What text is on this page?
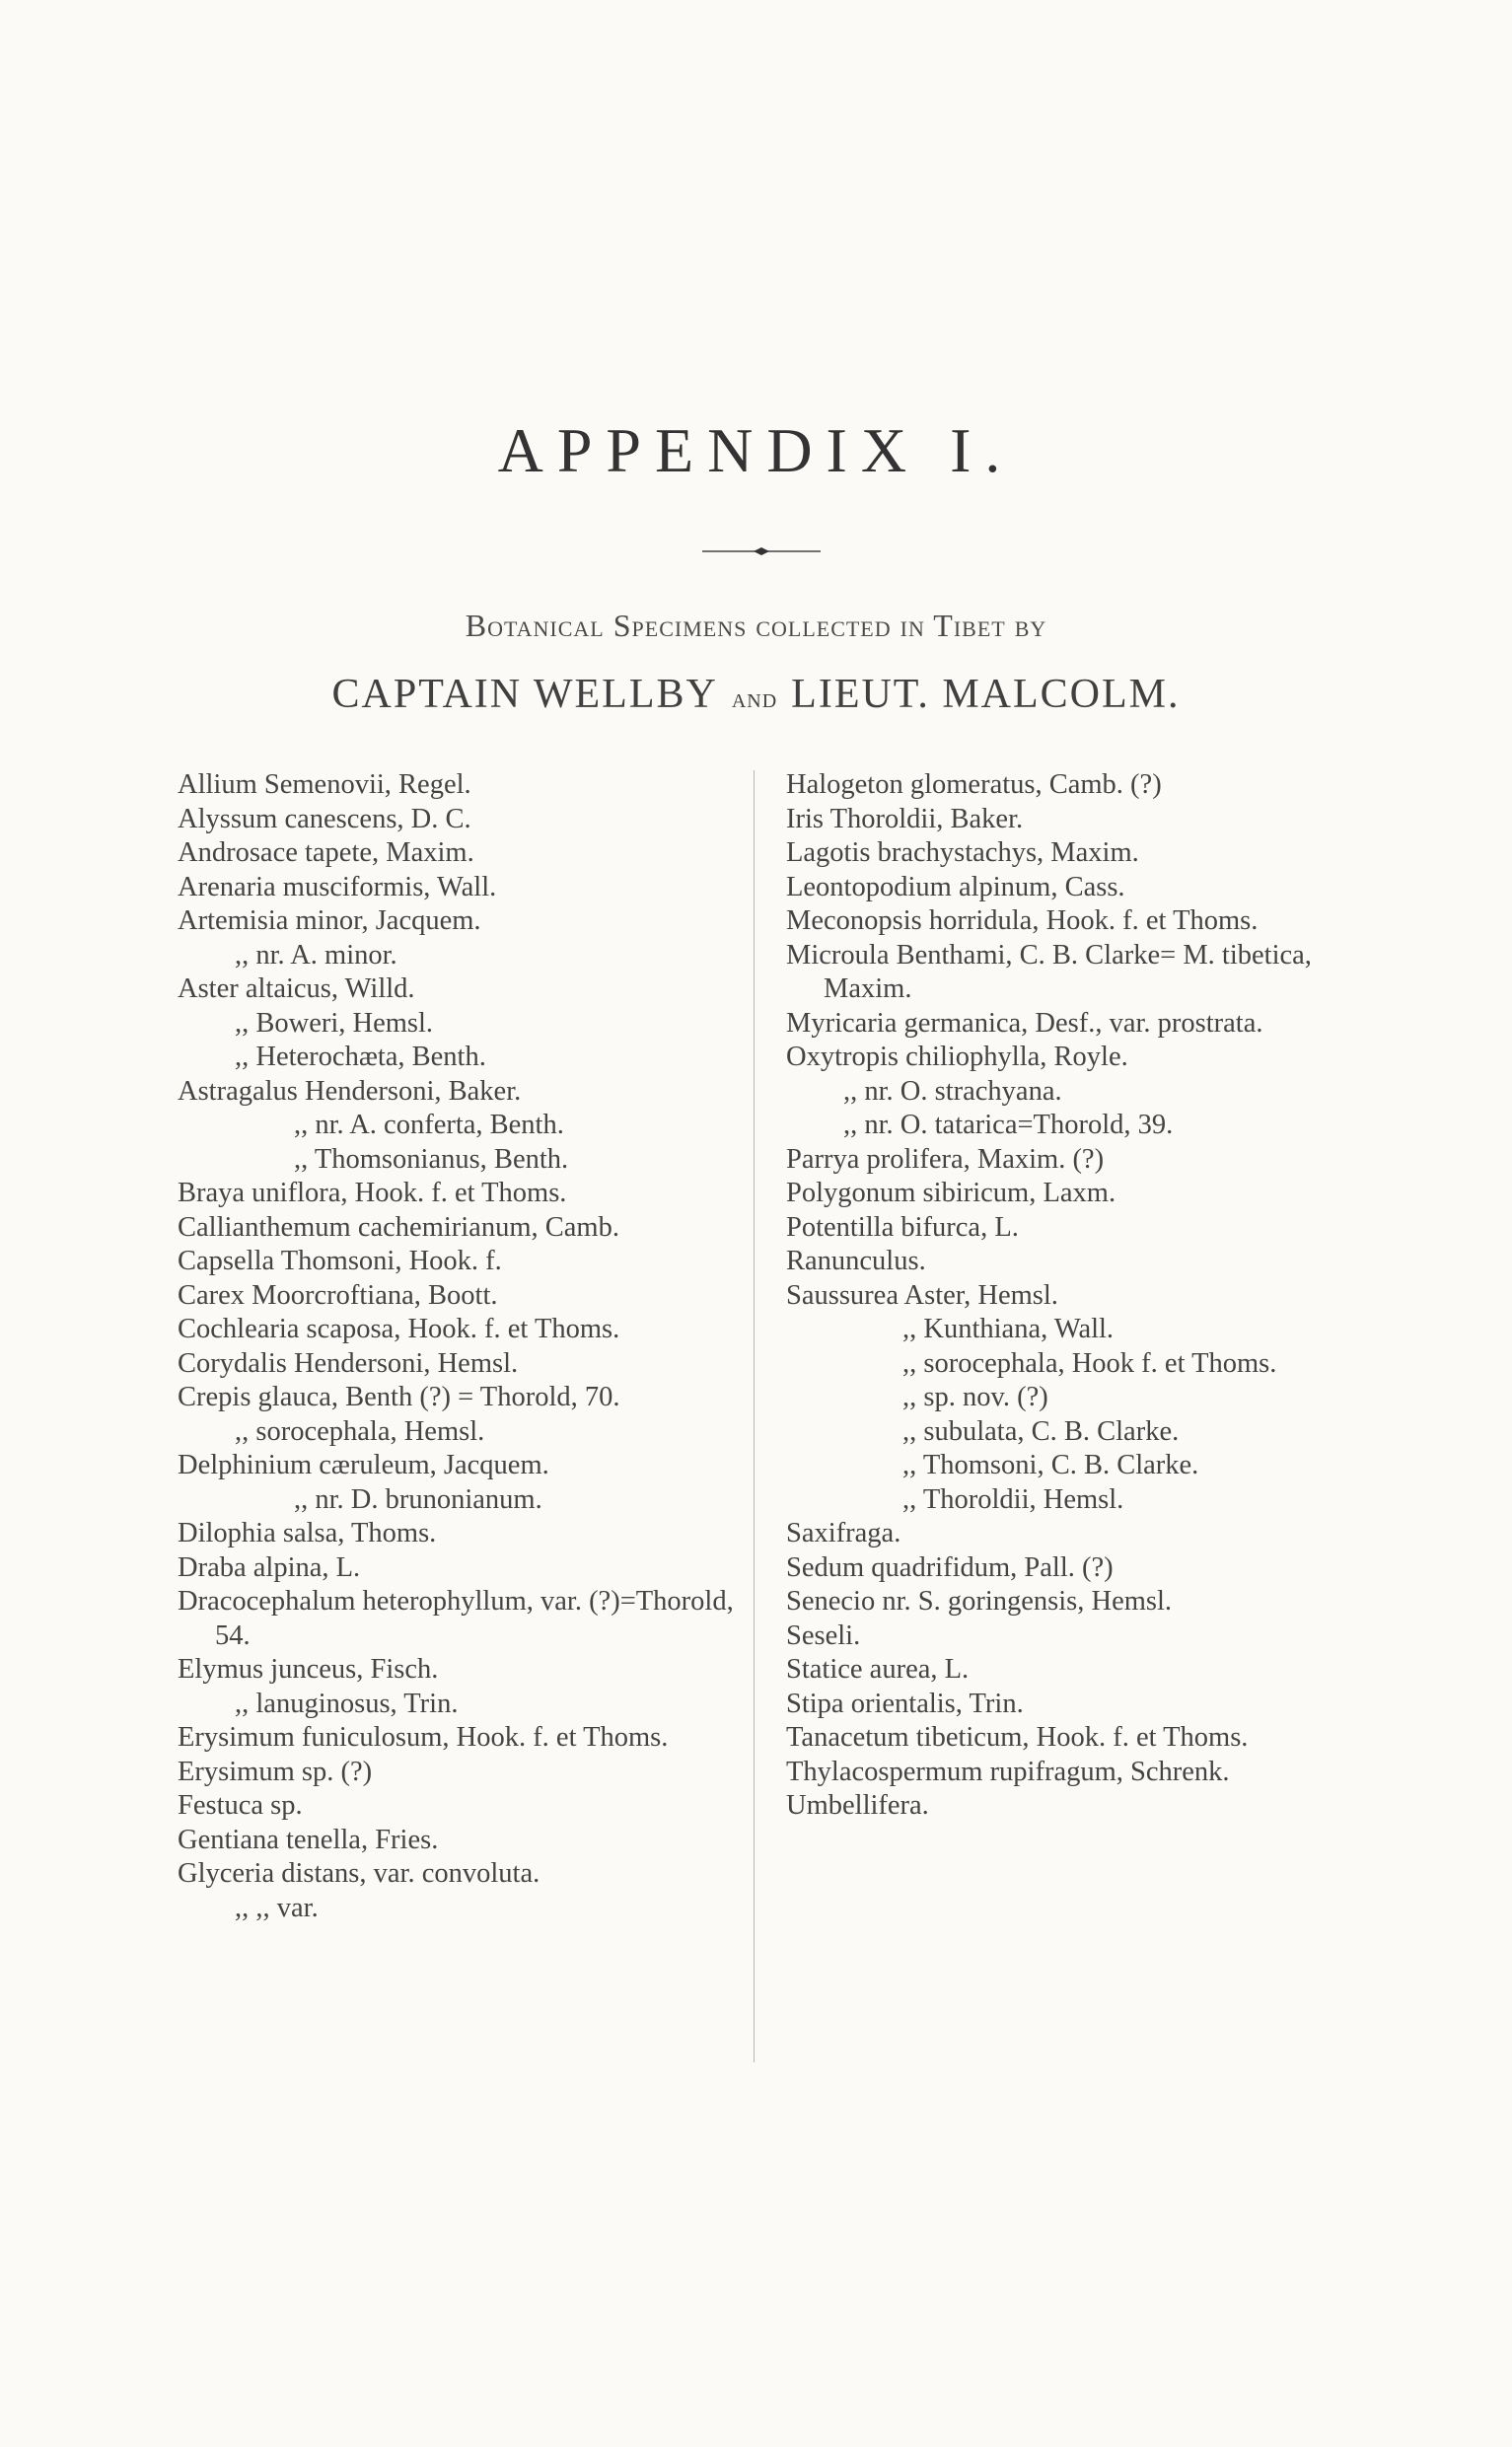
APPENDIX I.

Botanical Specimens collected in Tibet by

CAPTAIN WELLBY and LIEUT. MALCOLM.
Allium Semenovii, Regel.
Alyssum canescens, D. C.
Androsace tapete, Maxim.
Arenaria musciformis, Wall.
Artemisia minor, Jacquem.
,, nr. A. minor.
Aster altaicus, Willd.
,, Boweri, Hemsl.
,, Heterochæta, Benth.
Astragalus Hendersoni, Baker.
,, nr. A. conferta, Benth.
,, Thomsonianus, Benth.
Braya uniflora, Hook. f. et Thoms.
Callianthemum cachemirianum, Camb.
Capsella Thomsoni, Hook. f.
Carex Moorcroftiana, Boott.
Cochlearia scaposa, Hook. f. et Thoms.
Corydalis Hendersoni, Hemsl.
Crepis glauca, Benth (?) = Thorold, 70.
,, sorocephala, Hemsl.
Delphinium cæruleum, Jacquem.
,, nr. D. brunonianum.
Dilophia salsa, Thoms.
Draba alpina, L.
Dracocephalum heterophyllum, var. (?)=Thorold, 54.
Elymus junceus, Fisch.
,, lanuginosus, Trin.
Erysimum funiculosum, Hook. f. et Thoms.
Erysimum sp. (?)
Festuca sp.
Gentiana tenella, Fries.
Glyceria distans, var. convoluta.
,, ,, var.
Halogeton glomeratus, Camb. (?)
Iris Thoroldii, Baker.
Lagotis brachystachys, Maxim.
Leontopodium alpinum, Cass.
Meconopsis horridula, Hook. f. et Thoms.
Microula Benthami, C. B. Clarke= M. tibetica, Maxim.
Myricaria germanica, Desf., var. prostrata.
Oxytropis chiliophylla, Royle.
,, nr. O. strachyana.
,, nr. O. tatarica=Thorold, 39.
Parrya prolifera, Maxim. (?)
Polygonum sibiricum, Laxm.
Potentilla bifurca, L.
Ranunculus.
Saussurea Aster, Hemsl.
,, Kunthiana, Wall.
,, sorocephala, Hook f. et Thoms.
,, sp. nov. (?)
,, subulata, C. B. Clarke.
,, Thomsoni, C. B. Clarke.
,, Thoroldii, Hemsl.
Saxifraga.
Sedum quadrifidum, Pall. (?)
Senecio nr. S. goringensis, Hemsl.
Seseli.
Statice aurea, L.
Stipa orientalis, Trin.
Tanacetum tibeticum, Hook. f. et Thoms.
Thylacospermum rupifragum, Schrenk.
Umbellifera.
